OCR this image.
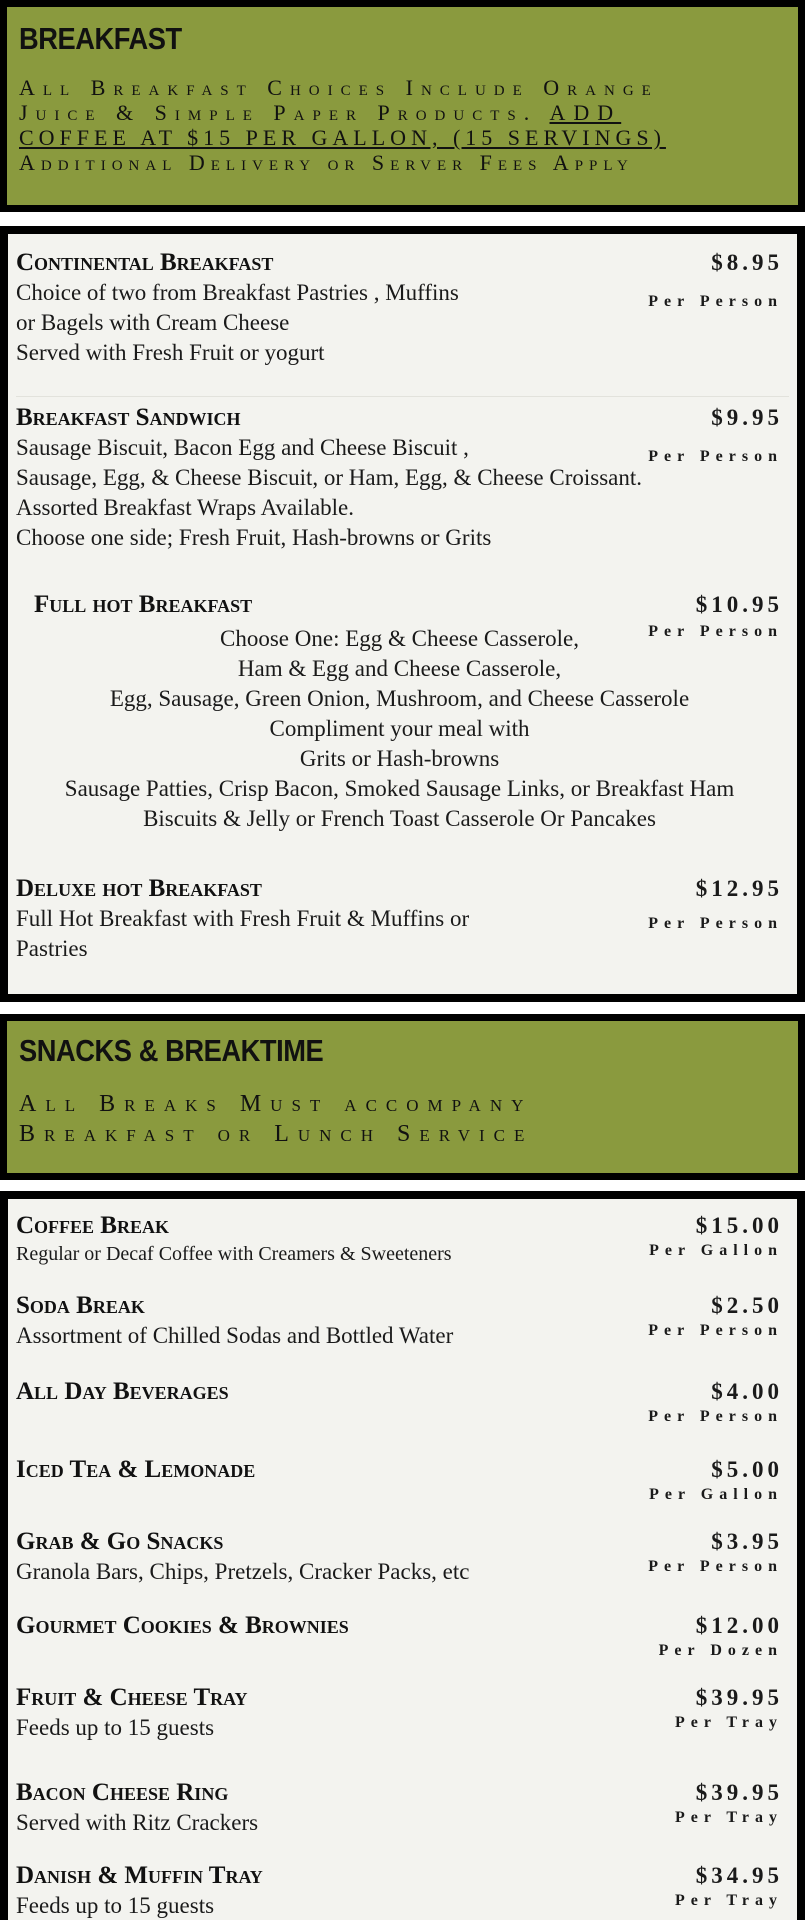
BREAKFAST
All Breakfast Choices Include Orange
Juice & Simple Paper Products. ADD
COFFEE AT $15 PER GALLON, (15 SERVINGS)
Additional Delivery or Server Fees Apply
Continental Breakfast	$8.95
Per Person
Choice of two from Breakfast Pastries , Muffins
or Bagels with Cream Cheese
Served with Fresh Fruit or yogurt
Breakfast Sandwich	$9.95
Per Person
Sausage Biscuit, Bacon Egg and Cheese Biscuit ,
Sausage, Egg, & Cheese Biscuit, or Ham, Egg, & Cheese Croissant.
Assorted Breakfast Wraps Available.
Choose one side; Fresh Fruit, Hash-browns or Grits
Full hot Breakfast	$10.95
Per Person
Choose One: Egg & Cheese Casserole,
Ham & Egg and Cheese Casserole,
Egg, Sausage, Green Onion, Mushroom, and Cheese Casserole
Compliment your meal with
Grits or Hash-browns
Sausage Patties, Crisp Bacon, Smoked Sausage Links, or Breakfast Ham
Biscuits & Jelly or French Toast Casserole Or Pancakes
Deluxe hot Breakfast	$12.95
Per Person
Full Hot Breakfast with Fresh Fruit & Muffins or
Pastries
SNACKS & BREAKTIME
All Breaks Must accompany
Breakfast or Lunch Service
Coffee Break	$15.00
Per Gallon
Regular or Decaf Coffee with Creamers & Sweeteners
Soda Break	$2.50
Per Person
Assortment of Chilled Sodas and Bottled Water
All Day Beverages	$4.00
Per Person
Iced Tea & Lemonade	$5.00
Per Gallon
Grab & Go Snacks	$3.95
Per Person
Granola Bars, Chips, Pretzels, Cracker Packs, etc
Gourmet Cookies & Brownies	$12.00
Per Dozen
Fruit & Cheese Tray	$39.95
Per Tray
Feeds up to 15 guests
Bacon Cheese Ring	$39.95
Per Tray
Served with Ritz Crackers
Danish & Muffin Tray	$34.95
Per Tray
Feeds up to 15 guests
